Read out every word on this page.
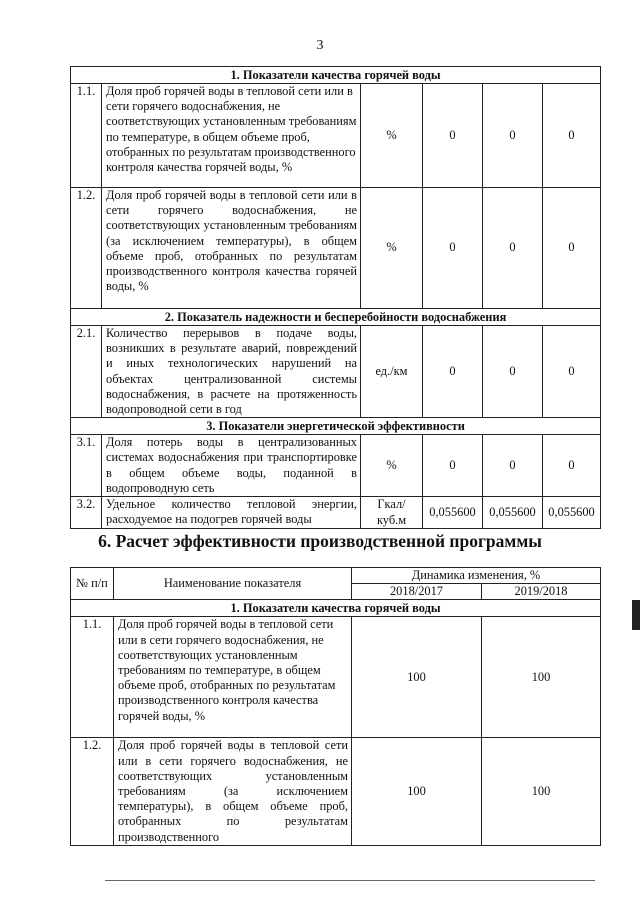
3
1. Показатели качества горячей воды					
1.1.	Доля проб горячей воды в тепловой сети или в сети горячего водоснабжения, не соответствующих установленным требованиям по температуре, в общем объеме проб, отобранных по результатам производственного контроля качества горячей воды, %	%	0	0	0
1.2.	Доля проб горячей воды в тепловой сети или в сети горячего водоснабжения, не соответствующих установленным требованиям (за исключением температуры), в общем объеме проб, отобранных по результатам производственного контроля качества горячей воды, %	%	0	0	0
2. Показатель надежности и бесперебойности водоснабжения					
2.1.	Количество перерывов в подаче воды, возникших в результате аварий, повреждений и иных технологических нарушений на объектах централизованной системы водоснабжения, в расчете на протяженность водопроводной сети в год	ед./км	0	0	0
3. Показатели энергетической эффективности					
3.1.	Доля потерь воды в централизованных системах водоснабжения при транспортировке в общем объеме воды, поданной в водопроводную сеть	%	0	0	0
3.2.	Удельное количество тепловой энергии, расходуемое на подогрев горячей воды	Гкал/ куб.м	0,055600	0,055600	0,055600
6. Расчет эффективности производственной программы
№ п/п	Наименование показателя	Динамика изменения, %	
		2018/2017	2019/2018
1. Показатели качества горячей воды			
1.1.	Доля проб горячей воды в тепловой сети или в сети горячего водоснабжения, не соответствующих установленным требованиям по температуре, в общем объеме проб, отобранных по результатам производственного контроля качества горячей воды, %	100	100
1.2.	Доля проб горячей воды в тепловой сети или в сети горячего водоснабжения, не соответствующих установленным требованиям (за исключением температуры), в общем объеме проб, отобранных по результатам производственного	100	100
